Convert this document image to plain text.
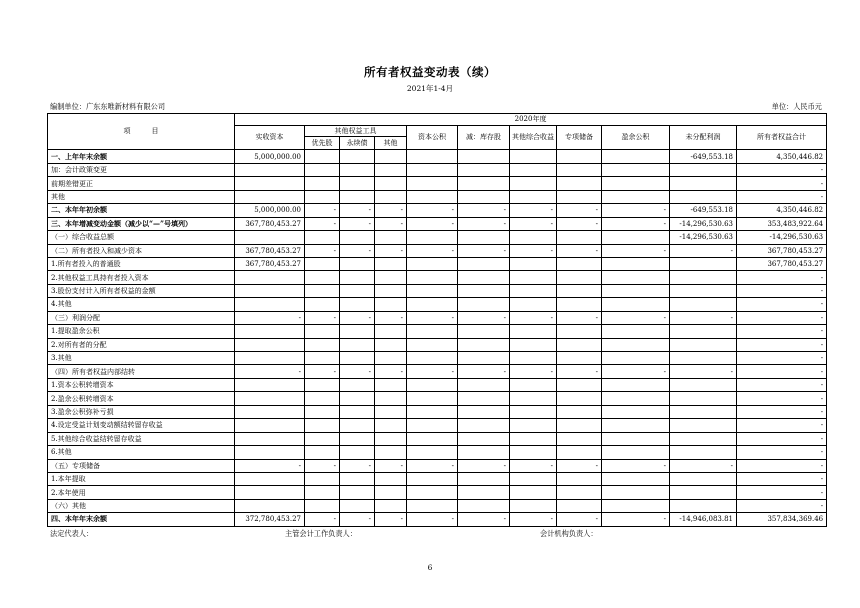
所有者权益变动表（续）
2021年1-4月
编制单位：广东东唯新材料有限公司	单位：人民币元
项　　　目	2020年度										
	实收资本	其他权益工具			资本公积	减：库存股	其他综合收益	专项储备	盈余公积	未分配利润	所有者权益合计
		优先股	永续债	其他							
一、上年年末余额	5,000,000.00									-649,553.18	4,350,446.82
加：会计政策变更											-
前期差错更正											-
其他											-
二、本年年初余额	5,000,000.00	-	-	-	-	-	-	-	-	-649,553.18	4,350,446.82
三、本年增减变动金额（减少以“—”号填列）	367,780,453.27	-	-	-	-	-	-	-	-	-14,296,530.63	353,483,922.64
（一）综合收益总额										-14,296,530.63	-14,296,530.63
（二）所有者投入和减少资本	367,780,453.27	-	-	-	-	-	-	-	-	-	367,780,453.27
1.所有者投入的普通股	367,780,453.27										367,780,453.27
2.其他权益工具持有者投入资本											-
3.股份支付计入所有者权益的金额											-
4.其他											-
（三）利润分配	-	-	-	-	-	-	-	-	-	-	-
1.提取盈余公积											-
2.对所有者的分配											-
3.其他											-
（四）所有者权益内部结转	-	-	-	-	-	-	-	-	-	-	-
1.资本公积转增资本											-
2.盈余公积转增资本											-
3.盈余公积弥补亏损											-
4.设定受益计划变动额结转留存收益											-
5.其他综合收益结转留存收益											-
6.其他											-
（五）专项储备	-	-	-	-	-	-	-	-	-	-	-
1.本年提取											-
2.本年使用											-
（六）其他											-
四、本年年末余额	372,780,453.27	-	-	-	-	-	-	-	-	-14,946,083.81	357,834,369.46
法定代表人：	主管会计工作负责人：	会计机构负责人：
6
